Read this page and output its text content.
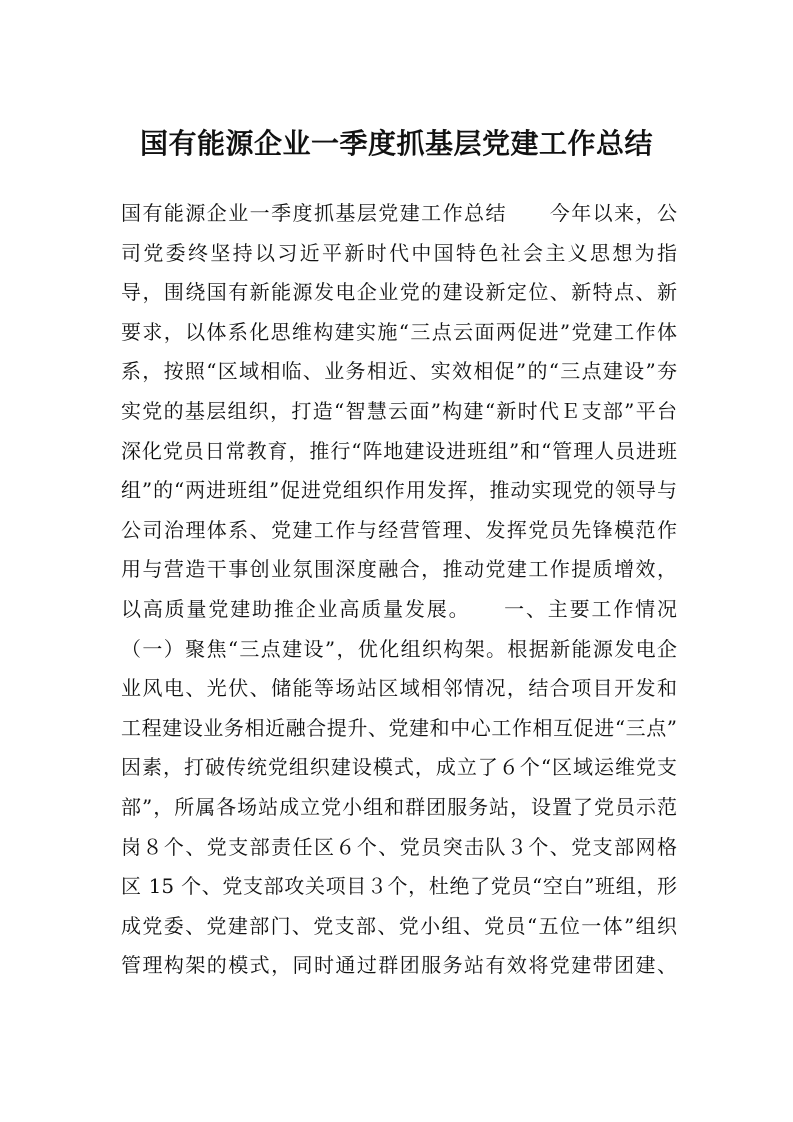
国有能源企业一季度抓基层党建工作总结
国有能源企业一季度抓基层党建工作总结　　今年以来，公
司党委终坚持以习近平新时代中国特色社会主义思想为指
导，围绕国有新能源发电企业党的建设新定位、新特点、新
要求，以体系化思维构建实施“三点云面两促进”党建工作体
系，按照“区域相临、业务相近、实效相促”的“三点建设”夯
实党的基层组织，打造“智慧云面”构建“新时代Ｅ支部”平台
深化党员日常教育，推行“阵地建设进班组”和“管理人员进班
组”的“两进班组”促进党组织作用发挥，推动实现党的领导与
公司治理体系、党建工作与经营管理、发挥党员先锋模范作
用与营造干事创业氛围深度融合，推动党建工作提质增效，
以高质量党建助推企业高质量发展。　　一、主要工作情况
（一）聚焦“三点建设”，优化组织构架。根据新能源发电企
业风电、光伏、储能等场站区域相邻情况，结合项目开发和
工程建设业务相近融合提升、党建和中心工作相互促进“三点”
因素，打破传统党组织建设模式，成立了６个“区域运维党支
部”，所属各场站成立党小组和群团服务站，设置了党员示范
岗８个、党支部责任区６个、党员突击队３个、党支部网格
区 15 个、党支部攻关项目３个，杜绝了党员“空白”班组，形
成党委、党建部门、党支部、党小组、党员“五位一体”组织
管理构架的模式，同时通过群团服务站有效将党建带团建、
